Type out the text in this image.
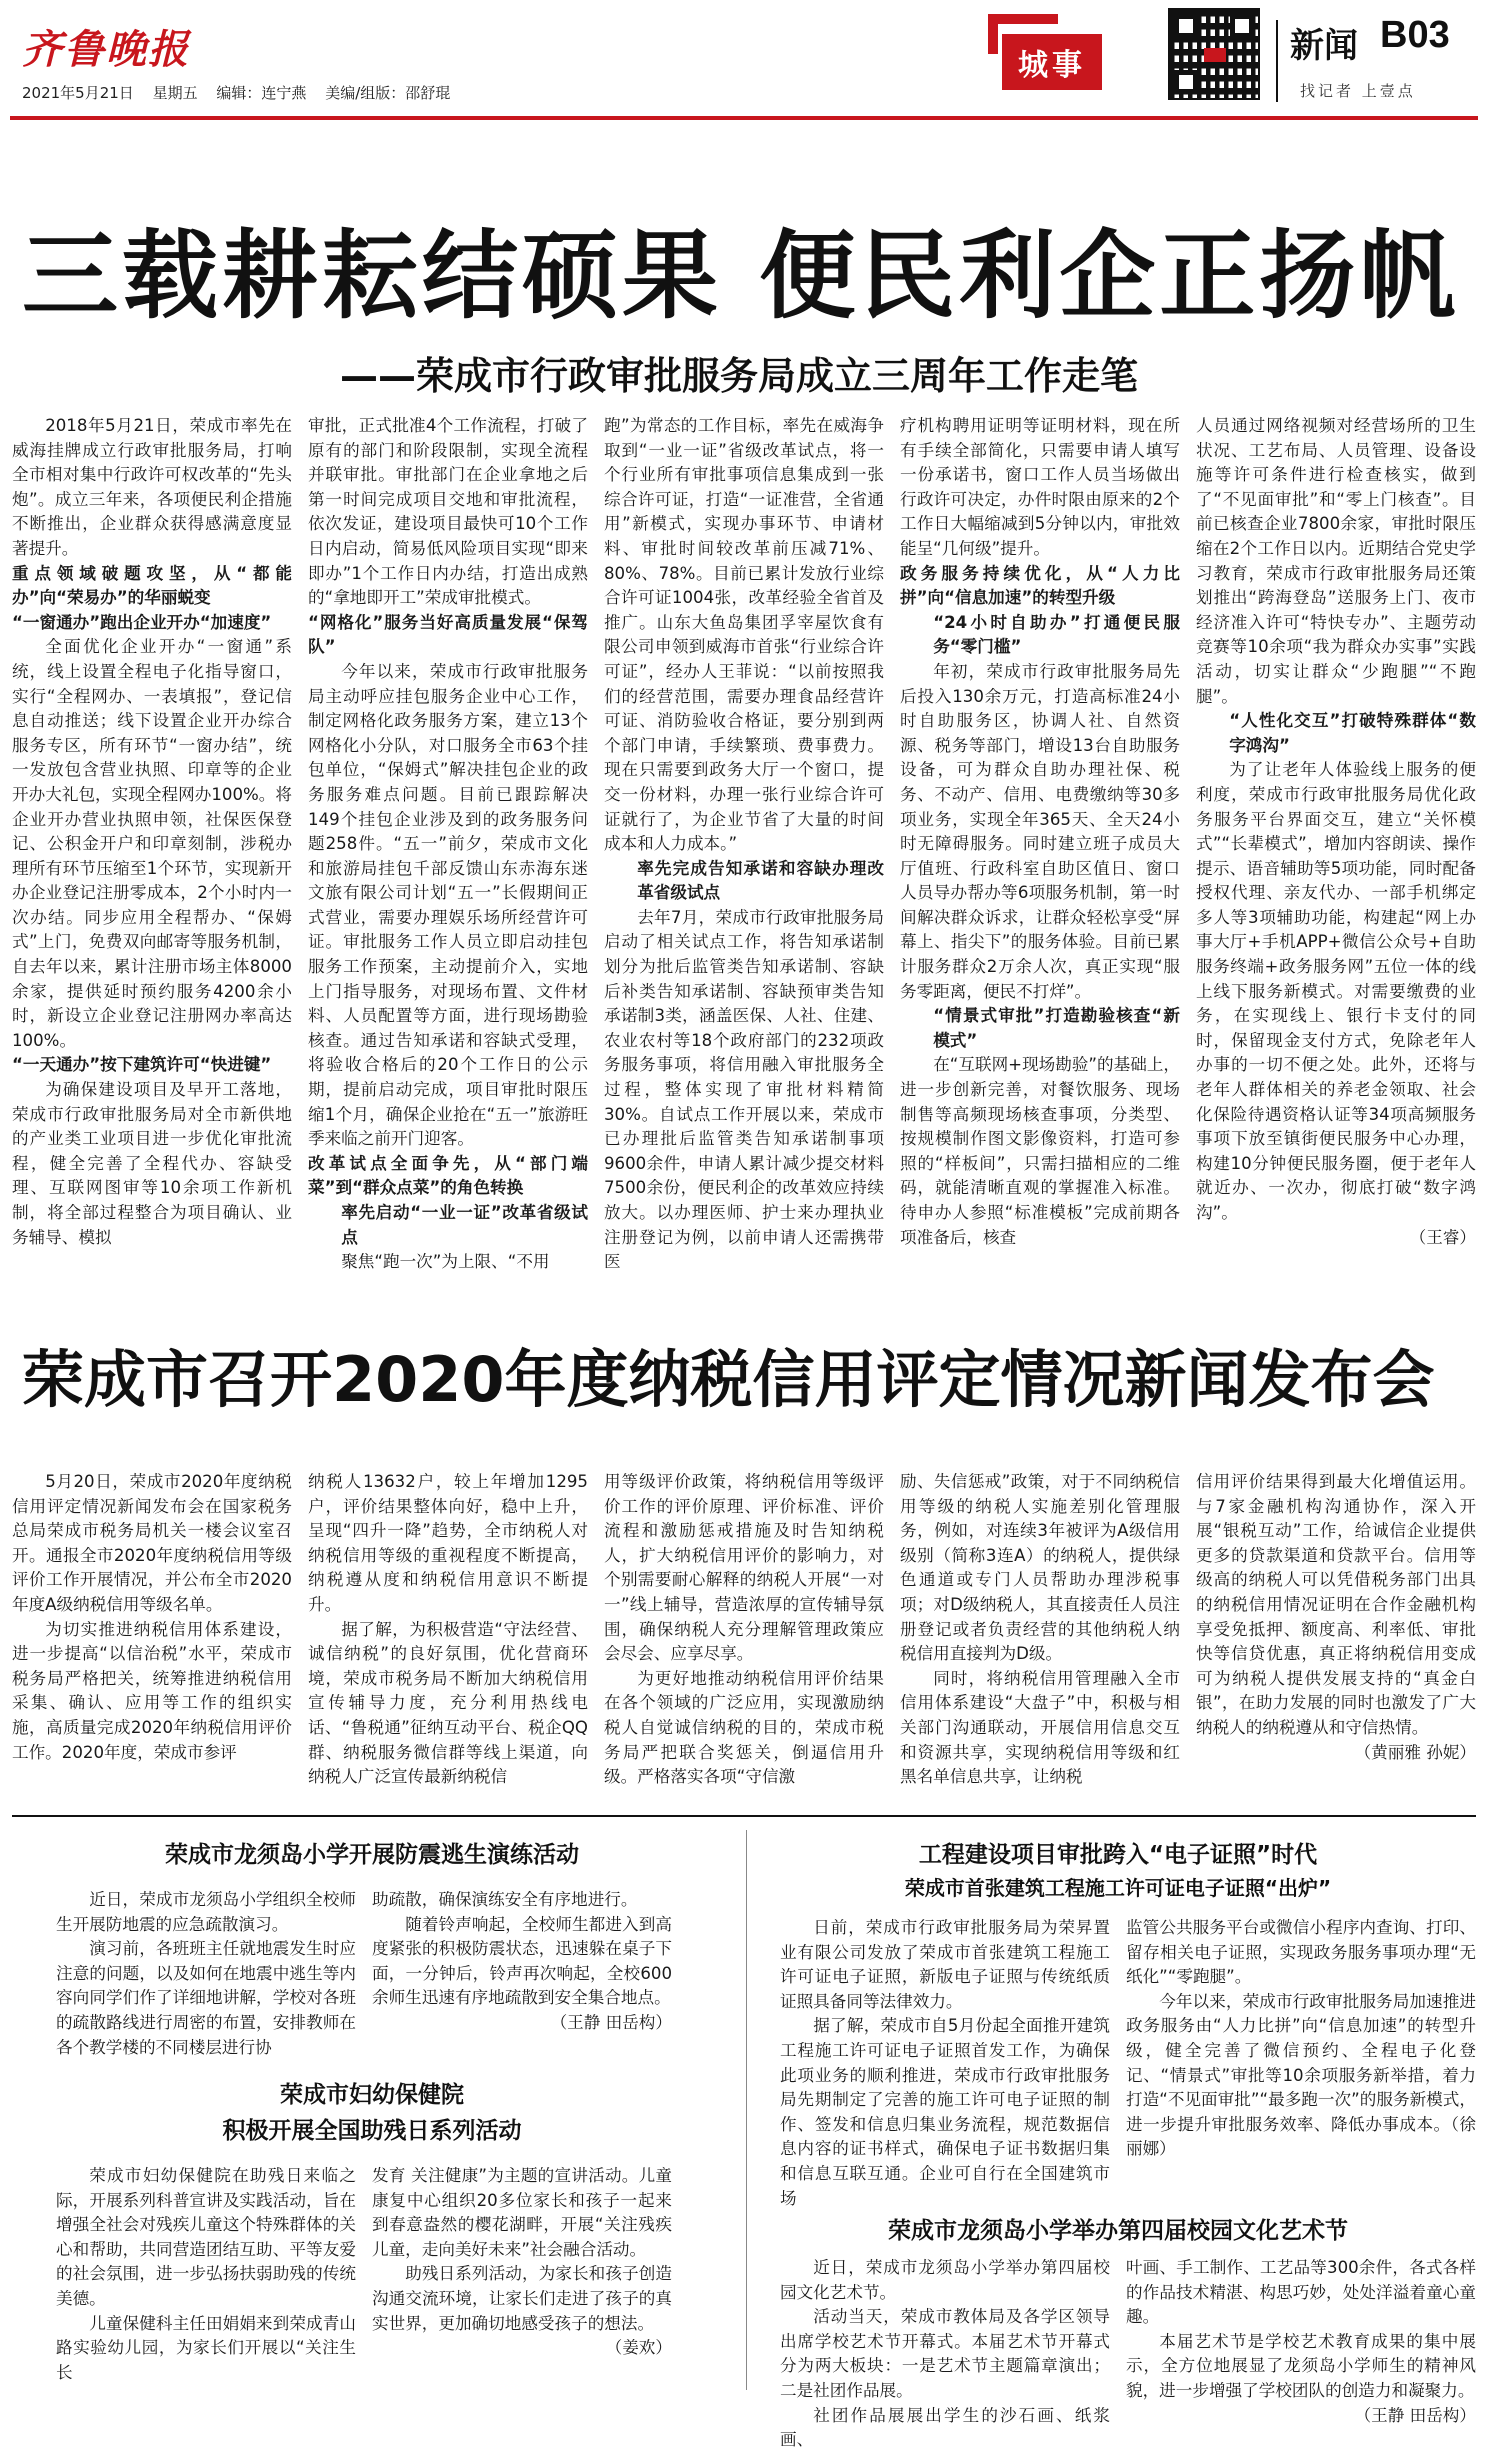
齐鲁晚报
2021年5月21日 星期五 编辑：连宁燕 美编/组版：邵舒琨
城事	新闻 B03
找记者 上壹点
三载耕耘结硕果 便民利企正扬帆
——荣成市行政审批服务局成立三周年工作走笔

2018年5月21日，荣成市率先在威海挂牌成立行政审批服务局，打响全市相对集中行政许可权改革的“先头炮”。成立三年来，各项便民利企措施不断推出，企业群众获得感满意度显著提升。

重点领域破题攻坚，从“都能办”向“荣易办”的华丽蜕变

“一窗通办”跑出企业开办“加速度”

全面优化企业开办“一窗通”系统，线上设置全程电子化指导窗口，实行“全程网办、一表填报”，登记信息自动推送；线下设置企业开办综合服务专区，所有环节“一窗办结”，统一发放包含营业执照、印章等的企业开办大礼包，实现全程网办100%。将企业开办营业执照申领，社保医保登记、公积金开户和印章刻制，涉税办理所有环节压缩至1个环节，实现新开办企业登记注册零成本，2个小时内一次办结。同步应用全程帮办、“保姆式”上门，免费双向邮寄等服务机制，自去年以来，累计注册市场主体8000余家，提供延时预约服务4200余小时，新设立企业登记注册网办率高达100%。

“一天通办”按下建筑许可“快进键”

为确保建设项目及早开工落地，荣成市行政审批服务局对全市新供地的产业类工业项目进一步优化审批流程，健全完善了全程代办、容缺受理、互联网图审等10余项工作新机制，将全部过程整合为项目确认、业务辅导、模拟

审批，正式批准4个工作流程，打破了原有的部门和阶段限制，实现全流程并联审批。审批部门在企业拿地之后第一时间完成项目交地和审批流程，依次发证，建设项目最快可10个工作日内启动，简易低风险项目实现“即来即办”1个工作日内办结，打造出成熟的“拿地即开工”荣成审批模式。

“网格化”服务当好高质量发展“保驾队”

今年以来，荣成市行政审批服务局主动呼应挂包服务企业中心工作，制定网格化政务服务方案，建立13个网格化小分队，对口服务全市63个挂包单位，“保姆式”解决挂包企业的政务服务难点问题。目前已跟踪解决149个挂包企业涉及到的政务服务问题258件。“五一”前夕，荣成市文化和旅游局挂包千部反馈山东赤海东迷文旅有限公司计划“五一”长假期间正式营业，需要办理娱乐场所经营许可证。审批服务工作人员立即启动挂包服务工作预案，主动提前介入，实地上门指导服务，对现场布置、文件材料、人员配置等方面，进行现场勘验核查。通过告知承诺和容缺式受理，将验收合格后的20个工作日的公示期，提前启动完成，项目审批时限压缩1个月，确保企业抢在“五一”旅游旺季来临之前开门迎客。

改革试点全面争先，从“部门端菜”到“群众点菜”的角色转换

率先启动“一业一证”改革省级试点

聚焦“跑一次”为上限、“不用

跑”为常态的工作目标，率先在威海争取到“一业一证”省级改革试点，将一个行业所有审批事项信息集成到一张综合许可证，打造“一证准营，全省通用”新模式，实现办事环节、申请材料、审批时间较改革前压减71%、80%、78%。目前已累计发放行业综合许可证1004张，改革经验全省首及推广。山东大鱼岛集团孚宰屋饮食有限公司申领到威海市首张“行业综合许可证”，经办人王菲说：“以前按照我们的经营范围，需要办理食品经营许可证、消防验收合格证，要分别到两个部门申请，手续繁琐、费事费力。现在只需要到政务大厅一个窗口，提交一份材料，办理一张行业综合许可证就行了，为企业节省了大量的时间成本和人力成本。”

率先完成告知承诺和容缺办理改革省级试点

去年7月，荣成市行政审批服务局启动了相关试点工作，将告知承诺制划分为批后监管类告知承诺制、容缺后补类告知承诺制、容缺预审类告知承诺制3类，涵盖医保、人社、住建、农业农村等18个政府部门的232项政务服务事项，将信用融入审批服务全过程，整体实现了审批材料精简30%。自试点工作开展以来，荣成市已办理批后监管类告知承诺制事项9600余件，申请人累计减少提交材料7500余份，便民利企的改革效应持续放大。以办理医师、护士来办理执业注册登记为例，以前申请人还需携带医

疗机构聘用证明等证明材料，现在所有手续全部简化，只需要申请人填写一份承诺书，窗口工作人员当场做出行政许可决定，办件时限由原来的2个工作日大幅缩减到5分钟以内，审批效能呈“几何级”提升。

政务服务持续优化，从“人力比拼”向“信息加速”的转型升级

“24小时自助办”打通便民服务“零门槛”

年初，荣成市行政审批服务局先后投入130余万元，打造高标准24小时自助服务区，协调人社、自然资源、税务等部门，增设13台自助服务设备，可为群众自助办理社保、税务、不动产、信用、电费缴纳等30多项业务，实现全年365天、全天24小时无障碍服务。同时建立班子成员大厅值班、行政科室自助区值日、窗口人员导办帮办等6项服务机制，第一时间解决群众诉求，让群众轻松享受“屏幕上、指尖下”的服务体验。目前已累计服务群众2万余人次，真正实现“服务零距离，便民不打烊”。

“情景式审批”打造勘验核查“新模式”

在“互联网+现场勘验”的基础上，进一步创新完善，对餐饮服务、现场制售等高频现场核查事项，分类型、按规模制作图文影像资料，打造可参照的“样板间”，只需扫描相应的二维码，就能清晰直观的掌握准入标准。待申办人参照“标准模板”完成前期各项准备后，核查

人员通过网络视频对经营场所的卫生状况、工艺布局、人员管理、设备设施等许可条件进行检查核实，做到了“不见面审批”和“零上门核查”。目前已核查企业7800余家，审批时限压缩在2个工作日以内。近期结合党史学习教育，荣成市行政审批服务局还策划推出“跨海登岛”送服务上门、夜市经济准入许可“特快专办”、主题劳动竞赛等10余项“我为群众办实事”实践活动，切实让群众“少跑腿”“不跑腿”。

“人性化交互”打破特殊群体“数字鸿沟”

为了让老年人体验线上服务的便利度，荣成市行政审批服务局优化政务服务平台界面交互，建立“关怀模式”“长辈模式”，增加内容朗读、操作提示、语音辅助等5项功能，同时配备授权代理、亲友代办、一部手机绑定多人等3项辅助功能，构建起“网上办事大厅+手机APP+微信公众号+自助服务终端+政务服务网”五位一体的线上线下服务新模式。对需要缴费的业务，在实现线上、银行卡支付的同时，保留现金支付方式，免除老年人办事的一切不便之处。此外，还将与老年人群体相关的养老金领取、社会化保险待遇资格认证等34项高频服务事项下放至镇街便民服务中心办理，构建10分钟便民服务圈，便于老年人就近办、一次办，彻底打破“数字鸿沟”。

（王睿）

荣成市召开2020年度纳税信用评定情况新闻发布会

5月20日，荣成市2020年度纳税信用评定情况新闻发布会在国家税务总局荣成市税务局机关一楼会议室召开。通报全市2020年度纳税信用等级评价工作开展情况，并公布全市2020年度A级纳税信用等级名单。

为切实推进纳税信用体系建设，进一步提高“以信治税”水平，荣成市税务局严格把关，统筹推进纳税信用采集、确认、应用等工作的组织实施，高质量完成2020年纳税信用评价工作。2020年度，荣成市参评

纳税人13632户，较上年增加1295户，评价结果整体向好，稳中上升，呈现“四升一降”趋势，全市纳税人对纳税信用等级的重视程度不断提高，纳税遵从度和纳税信用意识不断提升。

据了解，为积极营造“守法经营、诚信纳税”的良好氛围，优化营商环境，荣成市税务局不断加大纳税信用宣传辅导力度，充分利用热线电话、“鲁税通”征纳互动平台、税企QQ群、纳税服务微信群等线上渠道，向纳税人广泛宣传最新纳税信

用等级评价政策，将纳税信用等级评价工作的评价原理、评价标准、评价流程和激励惩戒措施及时告知纳税人，扩大纳税信用评价的影响力，对个别需要耐心解释的纳税人开展“一对一”线上辅导，营造浓厚的宣传辅导氛围，确保纳税人充分理解管理政策应会尽会、应享尽享。

为更好地推动纳税信用评价结果在各个领域的广泛应用，实现激励纳税人自觉诚信纳税的目的，荣成市税务局严把联合奖惩关，倒逼信用升级。严格落实各项“守信激

励、失信惩戒”政策，对于不同纳税信用等级的纳税人实施差别化管理服务，例如，对连续3年被评为A级信用级别（简称3连A）的纳税人，提供绿色通道或专门人员帮助办理涉税事项；对D级纳税人，其直接责任人员注册登记或者负责经营的其他纳税人纳税信用直接判为D级。

同时，将纳税信用管理融入全市信用体系建设“大盘子”中，积极与相关部门沟通联动，开展信用信息交互和资源共享，实现纳税信用等级和红黑名单信息共享，让纳税

信用评价结果得到最大化增值运用。与7家金融机构沟通协作，深入开展“银税互动”工作，给诚信企业提供更多的贷款渠道和贷款平台。信用等级高的纳税人可以凭借税务部门出具的纳税信用情况证明在合作金融机构享受免抵押、额度高、利率低、审批快等信贷优惠，真正将纳税信用变成可为纳税人提供发展支持的“真金白银”，在助力发展的同时也激发了广大纳税人的纳税遵从和守信热情。

（黄丽雅 孙妮）

荣成市龙须岛小学开展防震逃生演练活动

近日，荣成市龙须岛小学组织全校师生开展防地震的应急疏散演习。

演习前，各班班主任就地震发生时应注意的问题，以及如何在地震中逃生等内容向同学们作了详细地讲解，学校对各班的疏散路线进行周密的布置，安排教师在各个教学楼的不同楼层进行协

助疏散，确保演练安全有序地进行。

随着铃声响起，全校师生都进入到高度紧张的积极防震状态，迅速躲在桌子下面，一分钟后，铃声再次响起，全校600余师生迅速有序地疏散到安全集合地点。

（王静 田岳构）

荣成市妇幼保健院
积极开展全国助残日系列活动

荣成市妇幼保健院在助残日来临之际，开展系列科普宣讲及实践活动，旨在增强全社会对残疾儿童这个特殊群体的关心和帮助，共同营造团结互助、平等友爱的社会氛围，进一步弘扬扶弱助残的传统美德。

儿童保健科主任田娟娟来到荣成青山路实验幼儿园，为家长们开展以“关注生长

发育 关注健康”为主题的宣讲活动。儿童康复中心组织20多位家长和孩子一起来到春意盎然的樱花湖畔，开展“关注残疾儿童，走向美好未来”社会融合活动。

助残日系列活动，为家长和孩子创造沟通交流环境，让家长们走进了孩子的真实世界，更加确切地感受孩子的想法。

（姜欢）

工程建设项目审批跨入“电子证照”时代
荣成市首张建筑工程施工许可证电子证照“出炉”

日前，荣成市行政审批服务局为荣昇置业有限公司发放了荣成市首张建筑工程施工许可证电子证照，新版电子证照与传统纸质证照具备同等法律效力。

据了解，荣成市自5月份起全面推开建筑工程施工许可证电子证照首发工作，为确保此项业务的顺利推进，荣成市行政审批服务局先期制定了完善的施工许可电子证照的制作、签发和信息归集业务流程，规范数据信息内容的证书样式，确保电子证书数据归集和信息互联互通。企业可自行在全国建筑市场

监管公共服务平台或微信小程序内查询、打印、留存相关电子证照，实现政务服务事项办理“无纸化”“零跑腿”。

今年以来，荣成市行政审批服务局加速推进政务服务由“人力比拼”向“信息加速”的转型升级，健全完善了微信预约、全程电子化登记、“情景式”审批等10余项服务新举措，着力打造“不见面审批”“最多跑一次”的服务新模式，进一步提升审批服务效率、降低办事成本。（徐丽娜）

荣成市龙须岛小学举办第四届校园文化艺术节

近日，荣成市龙须岛小学举办第四届校园文化艺术节。

活动当天，荣成市教体局及各学区领导出席学校艺术节开幕式。本届艺术节开幕式分为两大板块：一是艺术节主题篇章演出；二是社团作品展。

社团作品展展出学生的沙石画、纸浆画、

叶画、手工制作、工艺品等300余件，各式各样的作品技术精湛、构思巧妙，处处洋溢着童心童趣。

本届艺术节是学校艺术教育成果的集中展示，全方位地展显了龙须岛小学师生的精神风貌，进一步增强了学校团队的创造力和凝聚力。

（王静 田岳构）
